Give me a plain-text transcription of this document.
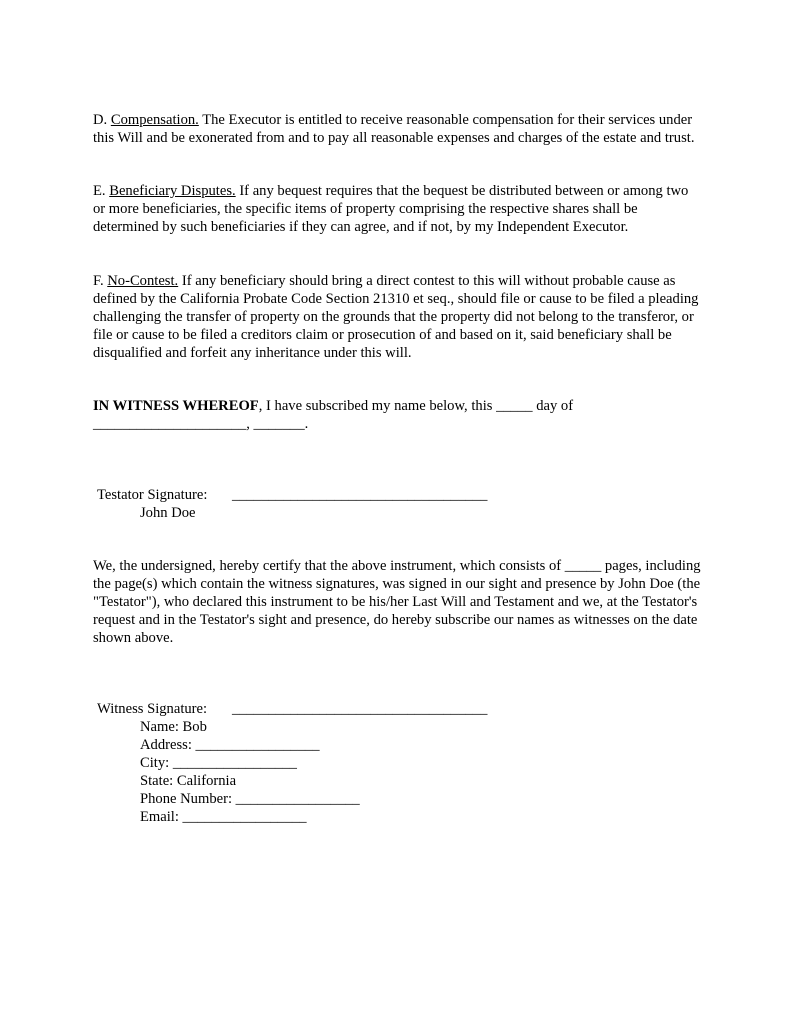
D. Compensation. The Executor is entitled to receive reasonable compensation for their services under this Will and be exonerated from and to pay all reasonable expenses and charges of the estate and trust.

E. Beneficiary Disputes. If any bequest requires that the bequest be distributed between or among two or more beneficiaries, the specific items of property comprising the respective shares shall be determined by such beneficiaries if they can agree, and if not, by my Independent Executor.

F. No-Contest. If any beneficiary should bring a direct contest to this will without probable cause as defined by the California Probate Code Section 21310 et seq., should file or cause to be filed a pleading challenging the transfer of property on the grounds that the property did not belong to the transferor, or file or cause to be filed a creditors claim or prosecution of and based on it, said beneficiary shall be disqualified and forfeit any inheritance under this will.

IN WITNESS WHEREOF, I have subscribed my name below, this _____ day of
_____________________, _______.

Testator Signature: ___________________________________

John Doe

We, the undersigned, hereby certify that the above instrument, which consists of _____ pages, including the page(s) which contain the witness signatures, was signed in our sight and presence by John Doe (the "Testator"), who declared this instrument to be his/her Last Will and Testament and we, at the Testator's request and in the Testator's sight and presence, do hereby subscribe our names as witnesses on the date shown above.

Witness Signature: ___________________________________

Name: Bob

Address: _________________

City: _________________

State: California

Phone Number: _________________

Email: _________________
